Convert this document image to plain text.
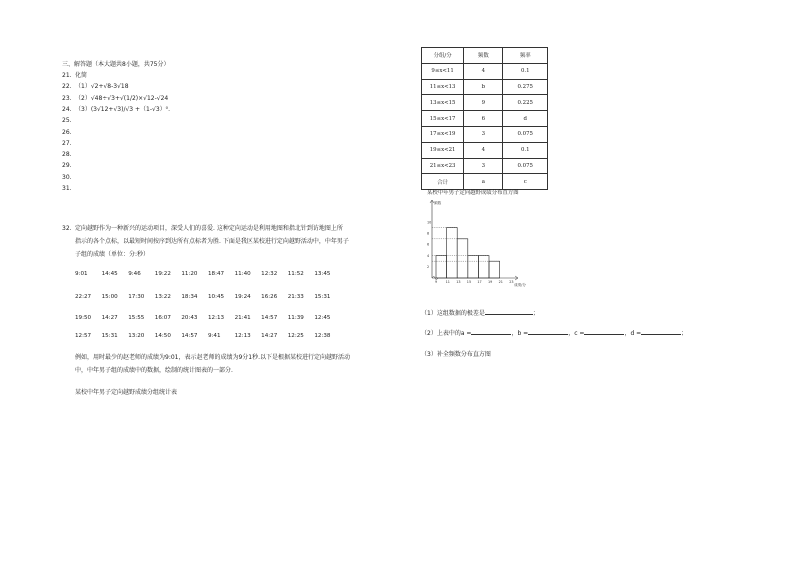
三、解答题（本大题共8小题，共75分）
21. 化简
22. （1）√2+√8-3√18
23. （2）√48÷√3+√(1/2)×√12-√24
24. （3）(3√12+√3)/√3 +（1-√3）⁰.
25.
26.
27.
28.
29.
30.
31.
32. 定向越野作为一种新兴的运动项目，深受人们的喜爱. 这种定向运动是利用地图和指北针到访地图上所
指示的各个点标，以最短时间按序到达所有点标者为胜. 下面是我区某校进行定向越野活动中，中年男子
子组的成绩（单位：分:秒）
9:01	14:45 9:46	19:22 11:20 18:47 11:40 12:32 11:52 13:45
22:27 15:00 17:30 13:22 18:34 10:45 19:24 16:26 21:33 15:31
19:50 14:27 15:55 16:07 20:43 12:13 21:41 14:57 11:39 12:45
12:57 15:31 13:20 14:50 14:57 9:41	12:13 14:27 12:25 12:38
例如，用时最少的赵老师的成绩为9:01，表示赵老师的成绩为9分1秒.以下是根据某校进行定向越野活动
中，中年男子组的成绩中的数据，绘制的统计图表的一部分.
某校中年男子定向越野成绩分组统计表
分组/分	频数	频率
9≤x<11	4	0.1
11≤x<13	b	0.275
13≤x<15	9	0.225
15≤x<17	6	d
17≤x<19	3	0.075
19≤x<21	4	0.1
21≤x<23	3	0.075
合计	a	c
某校中年男子定向越野成绩分布直方图
频数
成绩/分
10
8
6
4
2
9 11 13 15 17 19 21 23
（1）这组数据的极差是	；
（2）上表中的a =	，b =	，c =	，d =	；
（3）补全频数分布直方图
